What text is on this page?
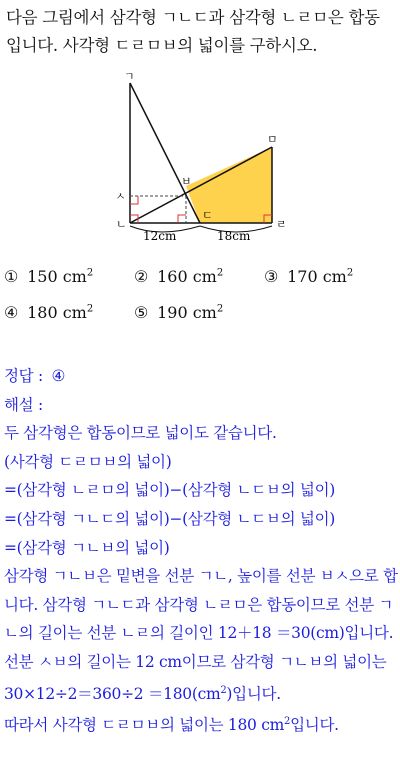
다음 그림에서 삼각형 ㄱㄴㄷ과 삼각형 ㄴㄹㅁ은 합동입니다. 사각형 ㄷㄹㅁㅂ의 넓이를 구하시오.
ㄱ
ㅅ
ㄴ
ㅂ
ㄷ
ㅁ
ㄹ
12cm	18cm
① 150 $cm^2$	② 160 $cm^2$	③ 170 $cm^2$
④ 180 $cm^2$	⑤ 190 $cm^2$

정답 : ④

해설 :

두 삼각형은 합동이므로 넓이도 같습니다.

(사각형 ㄷㄹㅁㅂ의 넓이)

=(삼각형 ㄴㄹㅁ의 넓이)−(삼각형 ㄴㄷㅂ의 넓이)

=(삼각형 ㄱㄴㄷ의 넓이)−(삼각형 ㄴㄷㅂ의 넓이)

=(삼각형 ㄱㄴㅂ의 넓이)

삼각형 ㄱㄴㅂ은 밑변을 선분 ㄱㄴ, 높이를 선분 ㅂㅅ으로 합니다. 삼각형 ㄱㄴㄷ과 삼각형 ㄴㄹㅁ은 합동이므로 선분 ㄱㄴ의 길이는 선분 ㄴㄹ의 길이인 12＋18 ＝30(cm)입니다. 선분 ㅅㅂ의 길이는 12 cm이므로 삼각형 ㄱㄴㅂ의 넓이는

$30\times 12\div 2=360\div 2 =180(cm^2)$입니다.

따라서 사각형 ㄷㄹㅁㅂ의 넓이는 180 $cm^2$입니다.
